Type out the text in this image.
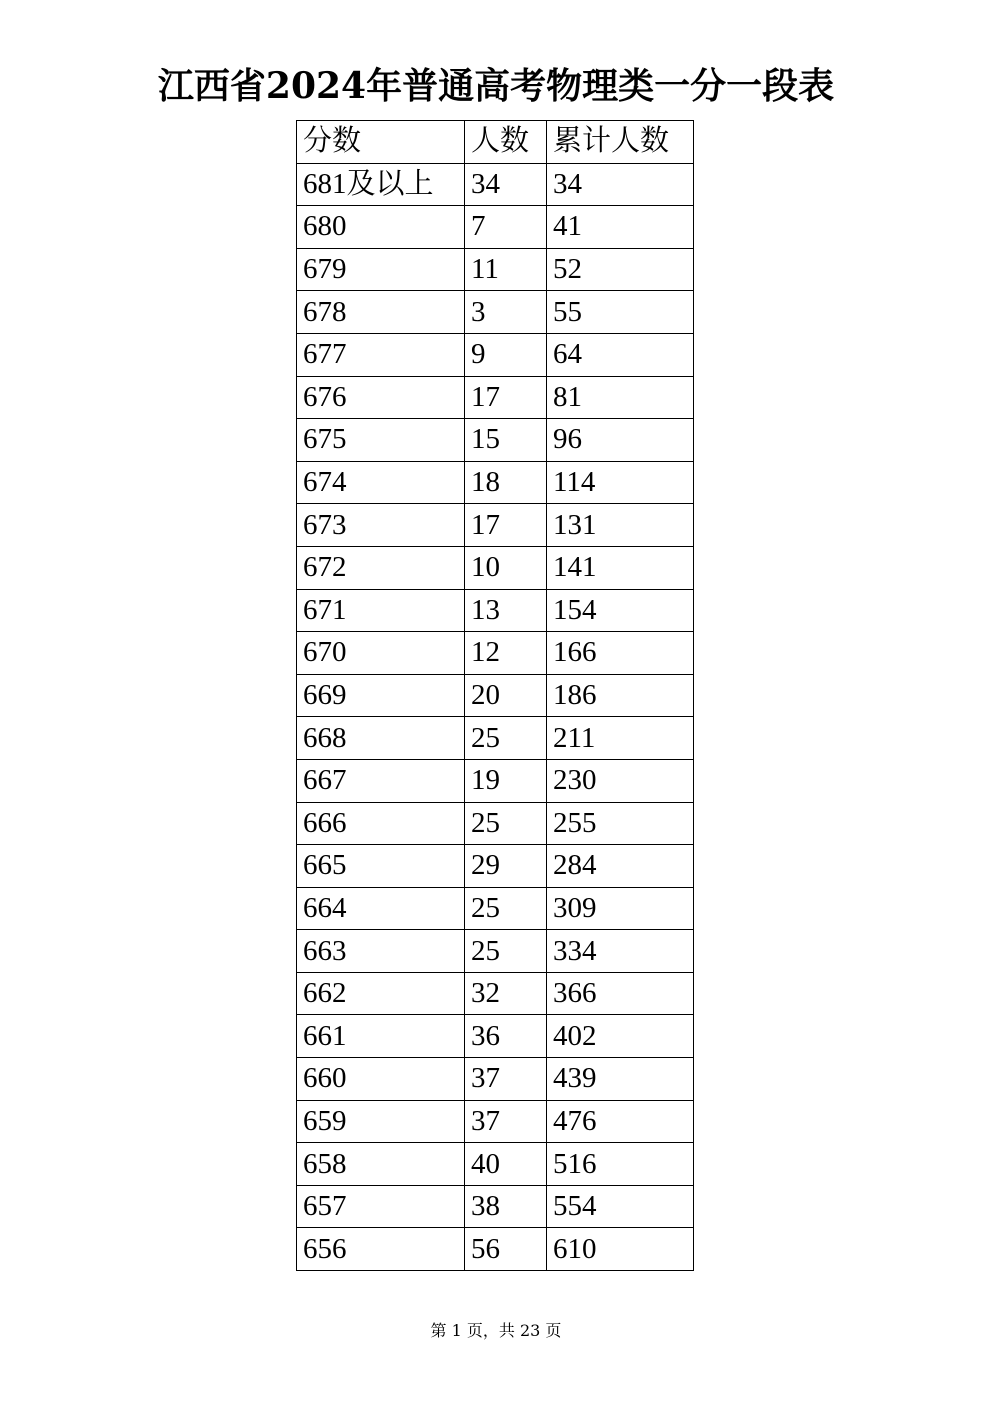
江西省2024年普通高考物理类一分一段表
分数	人数	累计人数
681及以上	34	34
680	7	41
679	11	52
678	3	55
677	9	64
676	17	81
675	15	96
674	18	114
673	17	131
672	10	141
671	13	154
670	12	166
669	20	186
668	25	211
667	19	230
666	25	255
665	29	284
664	25	309
663	25	334
662	32	366
661	36	402
660	37	439
659	37	476
658	40	516
657	38	554
656	56	610
第 1 页，共 23 页
